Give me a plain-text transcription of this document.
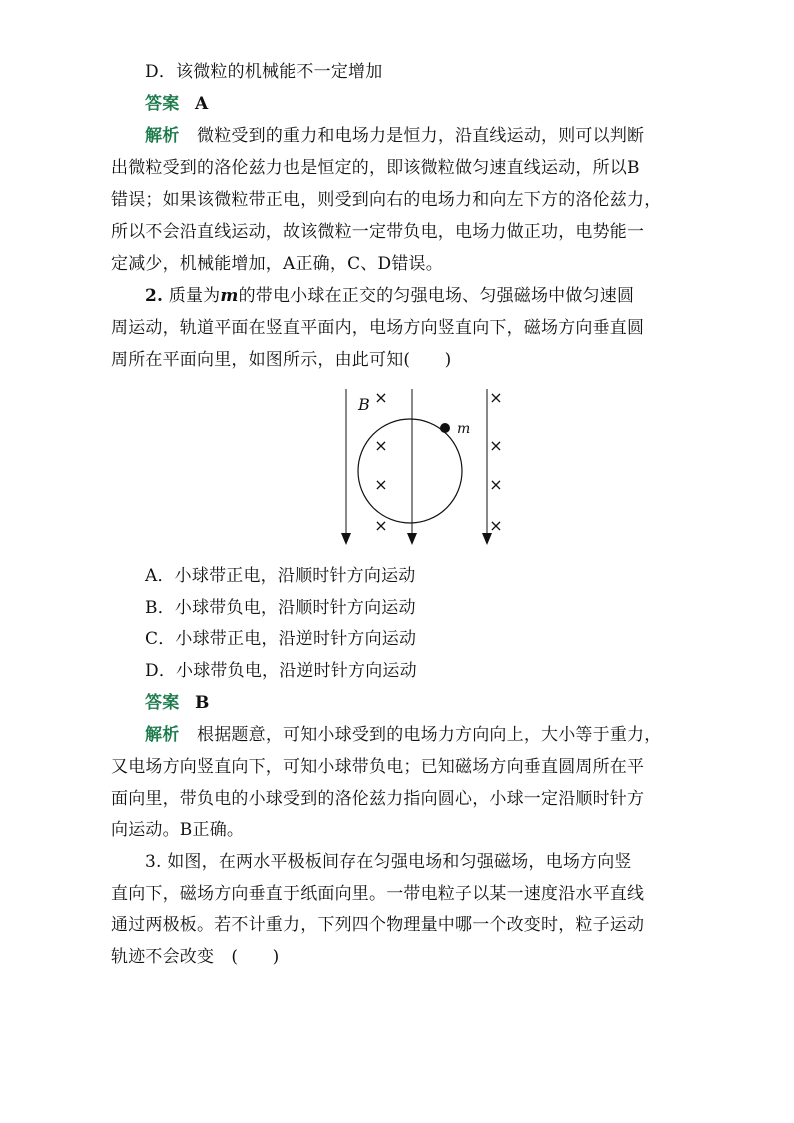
D．该微粒的机械能不一定增加
答案 A
解析 微粒受到的重力和电场力是恒力，沿直线运动，则可以判断
出微粒受到的洛伦兹力也是恒定的，即该微粒做匀速直线运动，所以B
错误；如果该微粒带正电，则受到向右的电场力和向左下方的洛伦兹力，
所以不会沿直线运动，故该微粒一定带负电，电场力做正功，电势能一
定减少，机械能增加，A正确，C、D错误。
2. 质量为m的带电小球在正交的匀强电场、匀强磁场中做匀速圆
周运动，轨道平面在竖直平面内，电场方向竖直向下，磁场方向垂直圆
周所在平面向里，如图所示，由此可知(　　)
B
m
×
×
×
×
×
×
×
×
A．小球带正电，沿顺时针方向运动
B．小球带负电，沿顺时针方向运动
C．小球带正电，沿逆时针方向运动
D．小球带负电，沿逆时针方向运动
答案 B
解析 根据题意，可知小球受到的电场力方向向上，大小等于重力，
又电场方向竖直向下，可知小球带负电；已知磁场方向垂直圆周所在平
面向里，带负电的小球受到的洛伦兹力指向圆心，小球一定沿顺时针方
向运动。B正确。
3. 如图，在两水平极板间存在匀强电场和匀强磁场，电场方向竖
直向下，磁场方向垂直于纸面向里。一带电粒子以某一速度沿水平直线
通过两极板。若不计重力，下列四个物理量中哪一个改变时，粒子运动
轨迹不会改变　(　　)
